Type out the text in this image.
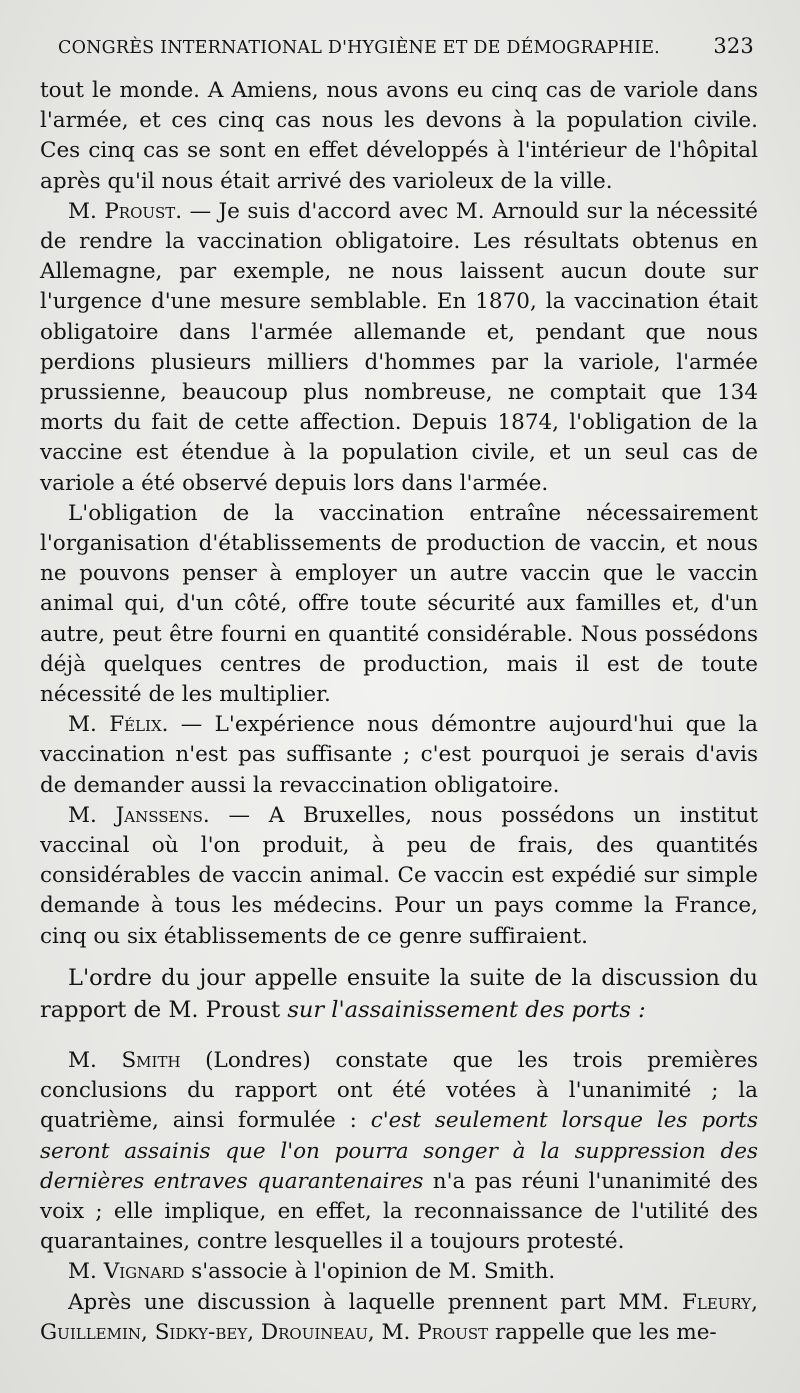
CONGRÈS INTERNATIONAL D'HYGIÈNE ET DE DÉMOGRAPHIE.	323

tout le monde. A Amiens, nous avons eu cinq cas de variole dans l'armée, et ces cinq cas nous les devons à la population civile. Ces cinq cas se sont en effet développés à l'intérieur de l'hôpital après qu'il nous était arrivé des varioleux de la ville.

M. Proust. — Je suis d'accord avec M. Arnould sur la nécessité de rendre la vaccination obligatoire. Les résultats obtenus en Allemagne, par exemple, ne nous laissent aucun doute sur l'urgence d'une mesure semblable. En 1870, la vaccination était obligatoire dans l'armée allemande et, pendant que nous perdions plusieurs milliers d'hommes par la variole, l'armée prussienne, beaucoup plus nombreuse, ne comptait que 134 morts du fait de cette affection. Depuis 1874, l'obligation de la vaccine est étendue à la population civile, et un seul cas de variole a été observé depuis lors dans l'armée.

L'obligation de la vaccination entraîne nécessairement l'organisation d'établissements de production de vaccin, et nous ne pouvons penser à employer un autre vaccin que le vaccin animal qui, d'un côté, offre toute sécurité aux familles et, d'un autre, peut être fourni en quantité considérable. Nous possédons déjà quelques centres de production, mais il est de toute nécessité de les multiplier.

M. Félix. — L'expérience nous démontre aujourd'hui que la vaccination n'est pas suffisante ; c'est pourquoi je serais d'avis de demander aussi la revaccination obligatoire.

M. Janssens. — A Bruxelles, nous possédons un institut vaccinal où l'on produit, à peu de frais, des quantités considérables de vaccin animal. Ce vaccin est expédié sur simple demande à tous les médecins. Pour un pays comme la France, cinq ou six établissements de ce genre suffiraient.

L'ordre du jour appelle ensuite la suite de la discussion du rapport de M. Proust sur l'assainissement des ports :

M. Smith (Londres) constate que les trois premières conclusions du rapport ont été votées à l'unanimité ; la quatrième, ainsi formulée : c'est seulement lorsque les ports seront assainis que l'on pourra songer à la suppression des dernières entraves quarantenaires n'a pas réuni l'unanimité des voix ; elle implique, en effet, la reconnaissance de l'utilité des quarantaines, contre lesquelles il a toujours protesté.

M. Vignard s'associe à l'opinion de M. Smith.

Après une discussion à laquelle prennent part MM. Fleury, Guillemin, Sidky-bey, Drouineau, M. Proust rappelle que les me-
